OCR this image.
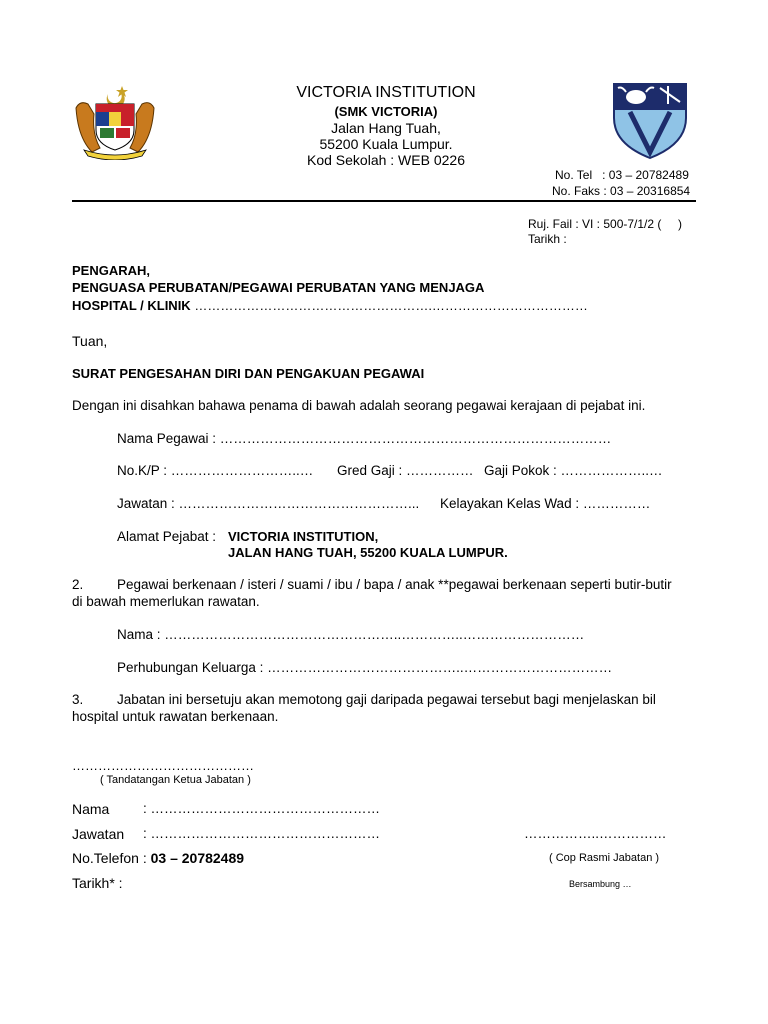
VICTORIA INSTITUTION
(SMK VICTORIA)
Jalan Hang Tuah,
55200 Kuala Lumpur.
Kod Sekolah : WEB 0226
No. Tel   : 03 – 20782489
No. Faks : 03 – 20316854
Ruj. Fail : VI : 500-7/1/2 (     )
Tarikh :
PENGARAH,
PENGUASA PERUBATAN/PEGAWAI PERUBATAN YANG MENJAGA
HOSPITAL / KLINIK ……………………………………………….………………………………
Tuan,
SURAT PENGESAHAN DIRI DAN PENGAKUAN PEGAWAI
Dengan ini disahkan bahawa penama di bawah adalah seorang pegawai kerajaan di pejabat ini.
Nama Pegawai : ……………………………………………………………………………
No.K/P : ………………………..… Gred Gaji : …………… Gaji Pokok : ………………..…
Jawatan : ……………………………………………... Kelayakan Kelas Wad : ……………
Alamat Pejabat : VICTORIA INSTITUTION,
JALAN HANG TUAH, 55200 KUALA LUMPUR.
2. Pegawai berkenaan / isteri / suami / ibu / bapa / anak **pegawai berkenaan seperti butir-butir
di bawah memerlukan rawatan.
Nama : ……………………………………………..…………..………………………
Perhubungan Keluarga : ……………………………………..……………………………
3. Jabatan ini bersetuju akan memotong gaji daripada pegawai tersebut bagi menjelaskan bil
hospital untuk rawatan berkenaan.
……………………………………
( Tandatangan Ketua Jabatan )
Nama : ……………………………………………
Jawatan : ……………………………………………	……………..……………
No.Telefon : 03 – 20782489	( Cop Rasmi Jabatan )
Tarikh* :	Bersambung …
